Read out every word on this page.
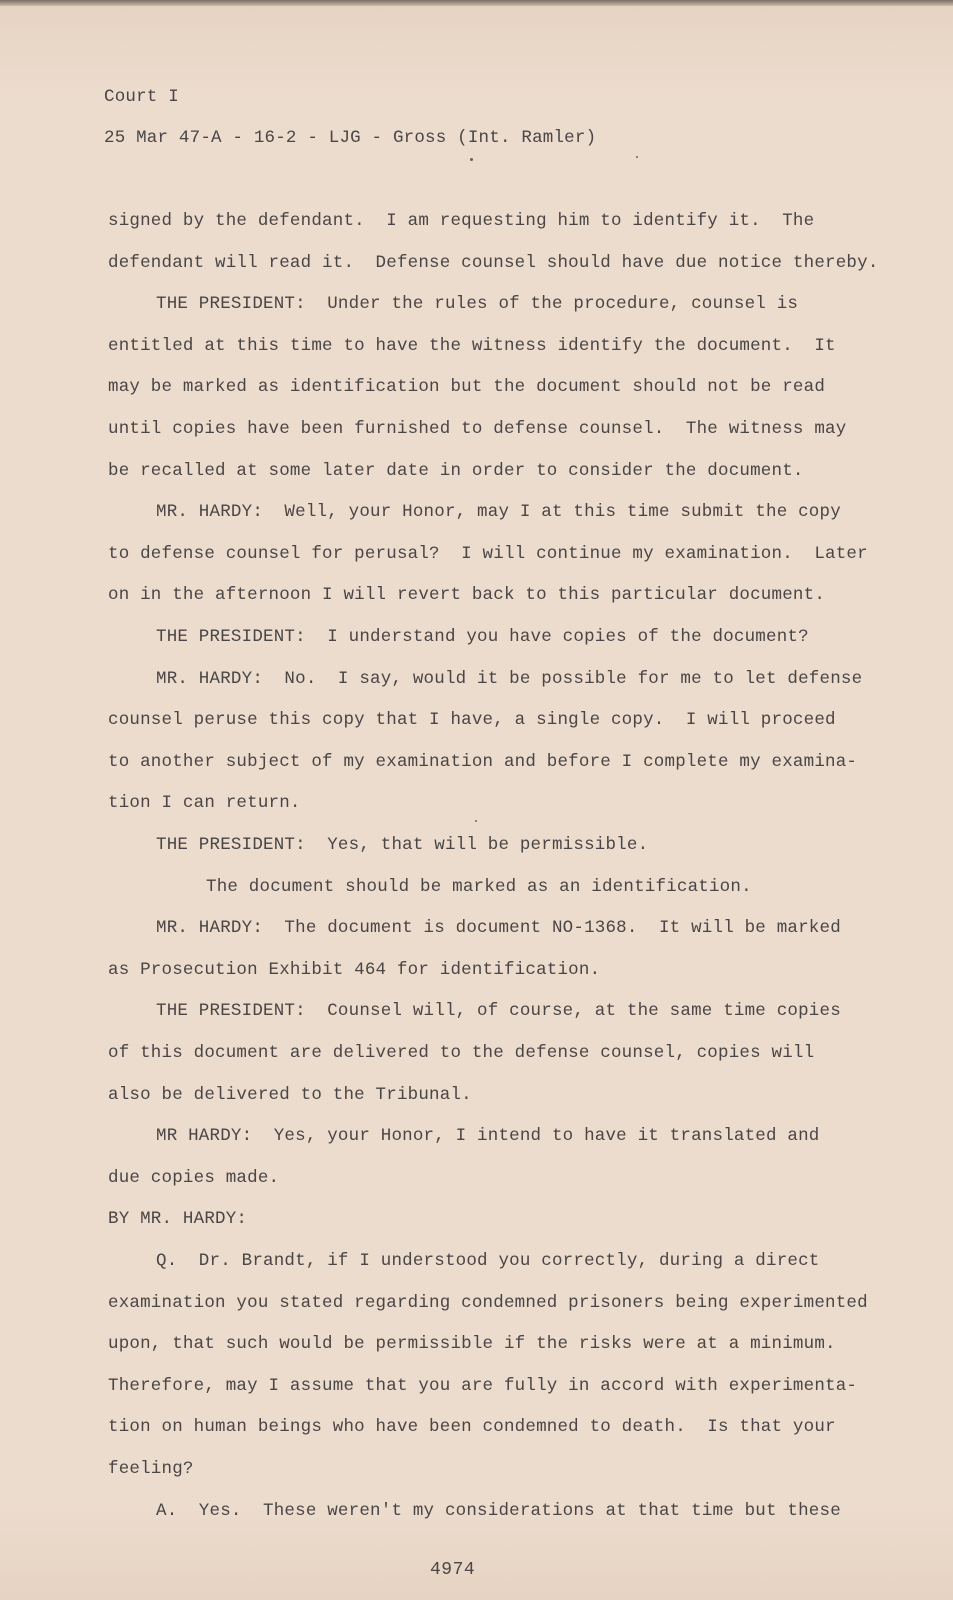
Court I
25 Mar 47-A - 16-2 - LJG - Gross (Int. Ramler)
signed by the defendant.  I am requesting him to identify it.  The
defendant will read it.  Defense counsel should have due notice thereby.
THE PRESIDENT:  Under the rules of the procedure, counsel is
entitled at this time to have the witness identify the document.  It
may be marked as identification but the document should not be read
until copies have been furnished to defense counsel.  The witness may
be recalled at some later date in order to consider the document.
MR. HARDY:  Well, your Honor, may I at this time submit the copy
to defense counsel for perusal?  I will continue my examination.  Later
on in the afternoon I will revert back to this particular document.
THE PRESIDENT:  I understand you have copies of the document?
MR. HARDY:  No.  I say, would it be possible for me to let defense
counsel peruse this copy that I have, a single copy.  I will proceed
to another subject of my examination and before I complete my examina-
tion I can return.
THE PRESIDENT:  Yes, that will be permissible.
The document should be marked as an identification.
MR. HARDY:  The document is document NO-1368.  It will be marked
as Prosecution Exhibit 464 for identification.
THE PRESIDENT:  Counsel will, of course, at the same time copies
of this document are delivered to the defense counsel, copies will
also be delivered to the Tribunal.
MR HARDY:  Yes, your Honor, I intend to have it translated and
due copies made.
BY MR. HARDY:
Q.  Dr. Brandt, if I understood you correctly, during a direct
examination you stated regarding condemned prisoners being experimented
upon, that such would be permissible if the risks were at a minimum.
Therefore, may I assume that you are fully in accord with experimenta-
tion on human beings who have been condemned to death.  Is that your
feeling?
A.  Yes.  These weren't my considerations at that time but these
4974
